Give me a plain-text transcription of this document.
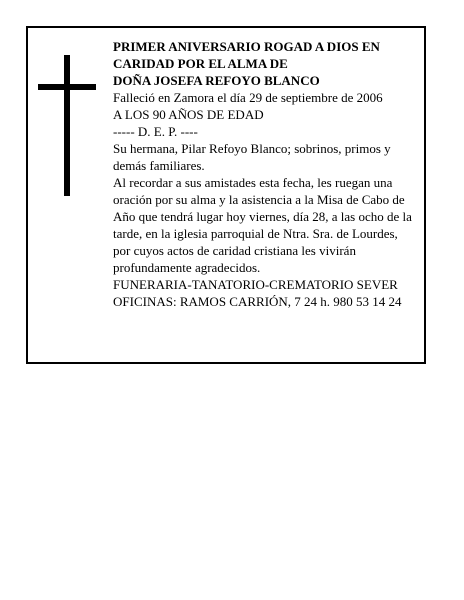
PRIMER ANIVERSARIO ROGAD A DIOS EN

CARIDAD POR EL ALMA DE

DOÑA JOSEFA REFOYO BLANCO

Falleció en Zamora el día 29 de septiembre de 2006

A LOS 90 AÑOS DE EDAD

----- D. E. P. ----

Su hermana, Pilar Refoyo Blanco; sobrinos, primos y demás familiares.

Al recordar a sus amistades esta fecha, les ruegan una oración por su alma y la asistencia a la Misa de Cabo de Año que tendrá lugar hoy viernes, día 28, a las ocho de la tarde, en la iglesia parroquial de Ntra. Sra. de Lourdes, por cuyos actos de caridad cristiana les vivirán profundamente agradecidos.

FUNERARIA-TANATORIO-CREMATORIO SEVER

OFICINAS: RAMOS CARRIÓN, 7 24 h. 980 53 14 24
